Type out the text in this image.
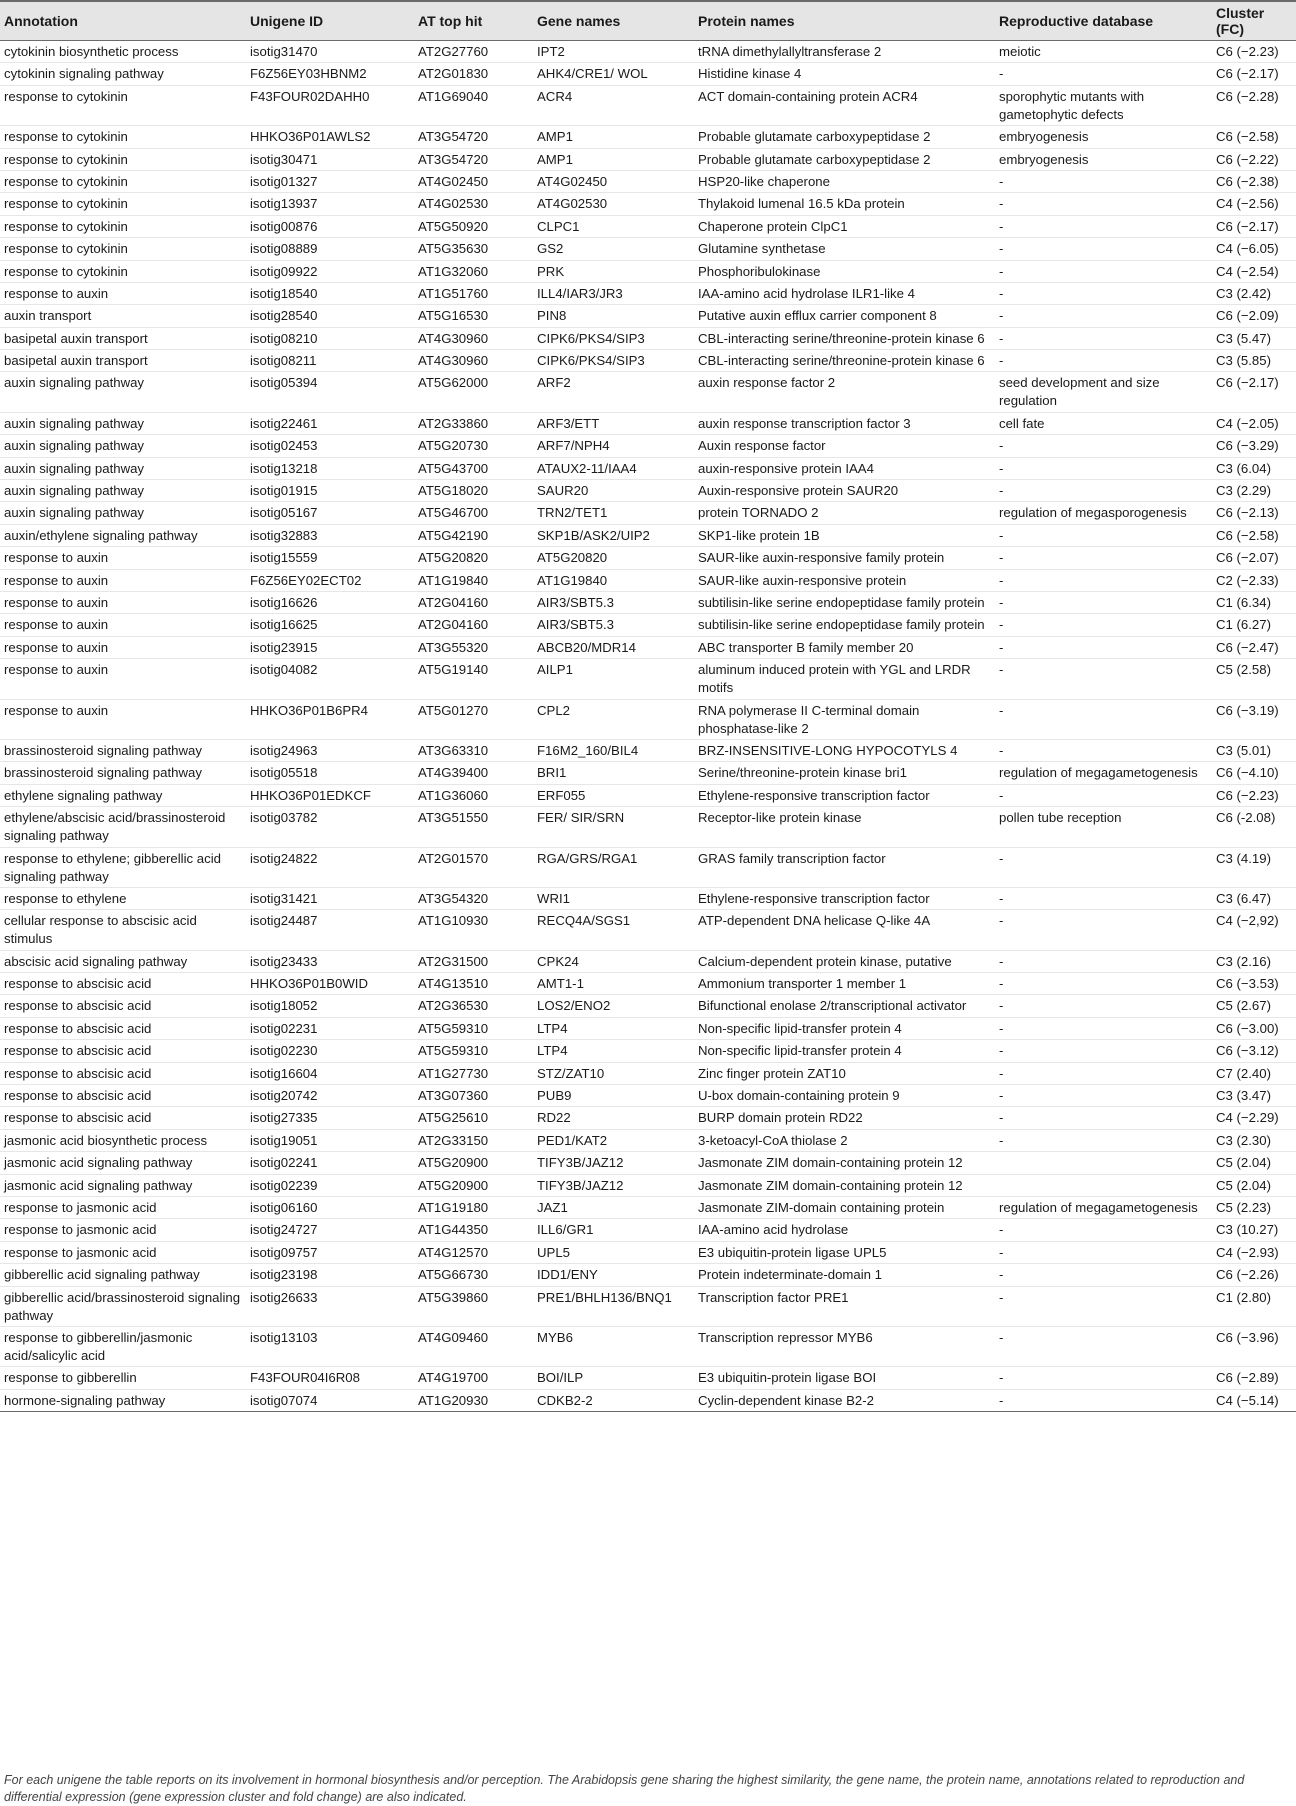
Annotation	Unigene ID	AT top hit	Gene names	Protein names	Reproductive database	Cluster (FC)
cytokinin biosynthetic process	isotig31470	AT2G27760	IPT2	tRNA dimethylallyltransferase 2	meiotic	C6 (−2.23)
cytokinin signaling pathway	F6Z56EY03HBNM2	AT2G01830	AHK4/CRE1/ WOL	Histidine kinase 4	-	C6 (−2.17)
response to cytokinin	F43FOUR02DAHH0	AT1G69040	ACR4	ACT domain-containing protein ACR4	sporophytic mutants with gametophytic defects	C6 (−2.28)
response to cytokinin	HHKO36P01AWLS2	AT3G54720	AMP1	Probable glutamate carboxypeptidase 2	embryogenesis	C6 (−2.58)
response to cytokinin	isotig30471	AT3G54720	AMP1	Probable glutamate carboxypeptidase 2	embryogenesis	C6 (−2.22)
response to cytokinin	isotig01327	AT4G02450	AT4G02450	HSP20-like chaperone	-	C6 (−2.38)
response to cytokinin	isotig13937	AT4G02530	AT4G02530	Thylakoid lumenal 16.5 kDa protein	-	C4 (−2.56)
response to cytokinin	isotig00876	AT5G50920	CLPC1	Chaperone protein ClpC1	-	C6 (−2.17)
response to cytokinin	isotig08889	AT5G35630	GS2	Glutamine synthetase	-	C4 (−6.05)
response to cytokinin	isotig09922	AT1G32060	PRK	Phosphoribulokinase	-	C4 (−2.54)
response to auxin	isotig18540	AT1G51760	ILL4/IAR3/JR3	IAA-amino acid hydrolase ILR1-like 4	-	C3 (2.42)
auxin transport	isotig28540	AT5G16530	PIN8	Putative auxin efflux carrier component 8	-	C6 (−2.09)
basipetal auxin transport	isotig08210	AT4G30960	CIPK6/PKS4/SIP3	CBL-interacting serine/threonine-protein kinase 6	-	C3 (5.47)
basipetal auxin transport	isotig08211	AT4G30960	CIPK6/PKS4/SIP3	CBL-interacting serine/threonine-protein kinase 6	-	C3 (5.85)
auxin signaling pathway	isotig05394	AT5G62000	ARF2	auxin response factor 2	seed development and size regulation	C6 (−2.17)
auxin signaling pathway	isotig22461	AT2G33860	ARF3/ETT	auxin response transcription factor 3	cell fate	C4 (−2.05)
auxin signaling pathway	isotig02453	AT5G20730	ARF7/NPH4	Auxin response factor	-	C6 (−3.29)
auxin signaling pathway	isotig13218	AT5G43700	ATAUX2-11/IAA4	auxin-responsive protein IAA4	-	C3 (6.04)
auxin signaling pathway	isotig01915	AT5G18020	SAUR20	Auxin-responsive protein SAUR20	-	C3 (2.29)
auxin signaling pathway	isotig05167	AT5G46700	TRN2/TET1	protein TORNADO 2	regulation of megasporogenesis	C6 (−2.13)
auxin/ethylene signaling pathway	isotig32883	AT5G42190	SKP1B/ASK2/UIP2	SKP1-like protein 1B	-	C6 (−2.58)
response to auxin	isotig15559	AT5G20820	AT5G20820	SAUR-like auxin-responsive family protein	-	C6 (−2.07)
response to auxin	F6Z56EY02ECT02	AT1G19840	AT1G19840	SAUR-like auxin-responsive protein	-	C2 (−2.33)
response to auxin	isotig16626	AT2G04160	AIR3/SBT5.3	subtilisin-like serine endopeptidase family protein	-	C1 (6.34)
response to auxin	isotig16625	AT2G04160	AIR3/SBT5.3	subtilisin-like serine endopeptidase family protein	-	C1 (6.27)
response to auxin	isotig23915	AT3G55320	ABCB20/MDR14	ABC transporter B family member 20	-	C6 (−2.47)
response to auxin	isotig04082	AT5G19140	AILP1	aluminum induced protein with YGL and LRDR motifs	-	C5 (2.58)
response to auxin	HHKO36P01B6PR4	AT5G01270	CPL2	RNA polymerase II C-terminal domain phosphatase-like 2	-	C6 (−3.19)
brassinosteroid signaling pathway	isotig24963	AT3G63310	F16M2_160/BIL4	BRZ-INSENSITIVE-LONG HYPOCOTYLS 4	-	C3 (5.01)
brassinosteroid signaling pathway	isotig05518	AT4G39400	BRI1	Serine/threonine-protein kinase bri1	regulation of megagametogenesis	C6 (−4.10)
ethylene signaling pathway	HHKO36P01EDKCF	AT1G36060	ERF055	Ethylene-responsive transcription factor	-	C6 (−2.23)
ethylene/abscisic acid/brassinosteroid signaling pathway	isotig03782	AT3G51550	FER/ SIR/SRN	Receptor-like protein kinase	pollen tube reception	C6 (-2.08)
response to ethylene; gibberellic acid signaling pathway	isotig24822	AT2G01570	RGA/GRS/RGA1	GRAS family transcription factor	-	C3 (4.19)
response to ethylene	isotig31421	AT3G54320	WRI1	Ethylene-responsive transcription factor	-	C3 (6.47)
cellular response to abscisic acid stimulus	isotig24487	AT1G10930	RECQ4A/SGS1	ATP-dependent DNA helicase Q-like 4A	-	C4 (−2,92)
abscisic acid signaling pathway	isotig23433	AT2G31500	CPK24	Calcium-dependent protein kinase, putative	-	C3 (2.16)
response to abscisic acid	HHKO36P01B0WID	AT4G13510	AMT1-1	Ammonium transporter 1 member 1	-	C6 (−3.53)
response to abscisic acid	isotig18052	AT2G36530	LOS2/ENO2	Bifunctional enolase 2/transcriptional activator	-	C5 (2.67)
response to abscisic acid	isotig02231	AT5G59310	LTP4	Non-specific lipid-transfer protein 4	-	C6 (−3.00)
response to abscisic acid	isotig02230	AT5G59310	LTP4	Non-specific lipid-transfer protein 4	-	C6 (−3.12)
response to abscisic acid	isotig16604	AT1G27730	STZ/ZAT10	Zinc finger protein ZAT10	-	C7 (2.40)
response to abscisic acid	isotig20742	AT3G07360	PUB9	U-box domain-containing protein 9	-	C3 (3.47)
response to abscisic acid	isotig27335	AT5G25610	RD22	BURP domain protein RD22	-	C4 (−2.29)
jasmonic acid biosynthetic process	isotig19051	AT2G33150	PED1/KAT2	3-ketoacyl-CoA thiolase 2	-	C3 (2.30)
jasmonic acid signaling pathway	isotig02241	AT5G20900	TIFY3B/JAZ12	Jasmonate ZIM domain-containing protein 12		C5 (2.04)
jasmonic acid signaling pathway	isotig02239	AT5G20900	TIFY3B/JAZ12	Jasmonate ZIM domain-containing protein 12		C5 (2.04)
response to jasmonic acid	isotig06160	AT1G19180	JAZ1	Jasmonate ZIM-domain containing protein	regulation of megagametogenesis	C5 (2.23)
response to jasmonic acid	isotig24727	AT1G44350	ILL6/GR1	IAA-amino acid hydrolase	-	C3 (10.27)
response to jasmonic acid	isotig09757	AT4G12570	UPL5	E3 ubiquitin-protein ligase UPL5	-	C4 (−2.93)
gibberellic acid signaling pathway	isotig23198	AT5G66730	IDD1/ENY	Protein indeterminate-domain 1	-	C6 (−2.26)
gibberellic acid/brassinosteroid signaling pathway	isotig26633	AT5G39860	PRE1/BHLH136/BNQ1	Transcription factor PRE1	-	C1 (2.80)
response to gibberellin/jasmonic acid/salicylic acid	isotig13103	AT4G09460	MYB6	Transcription repressor MYB6	-	C6 (−3.96)
response to gibberellin	F43FOUR04I6R08	AT4G19700	BOI/ILP	E3 ubiquitin-protein ligase BOI	-	C6 (−2.89)
hormone-signaling pathway	isotig07074	AT1G20930	CDKB2-2	Cyclin-dependent kinase B2-2	-	C4 (−5.14)

For each unigene the table reports on its involvement in hormonal biosynthesis and/or perception. The Arabidopsis gene sharing the highest similarity, the gene name, the protein name, annotations related to reproduction and differential expression (gene expression cluster and fold change) are also indicated.
